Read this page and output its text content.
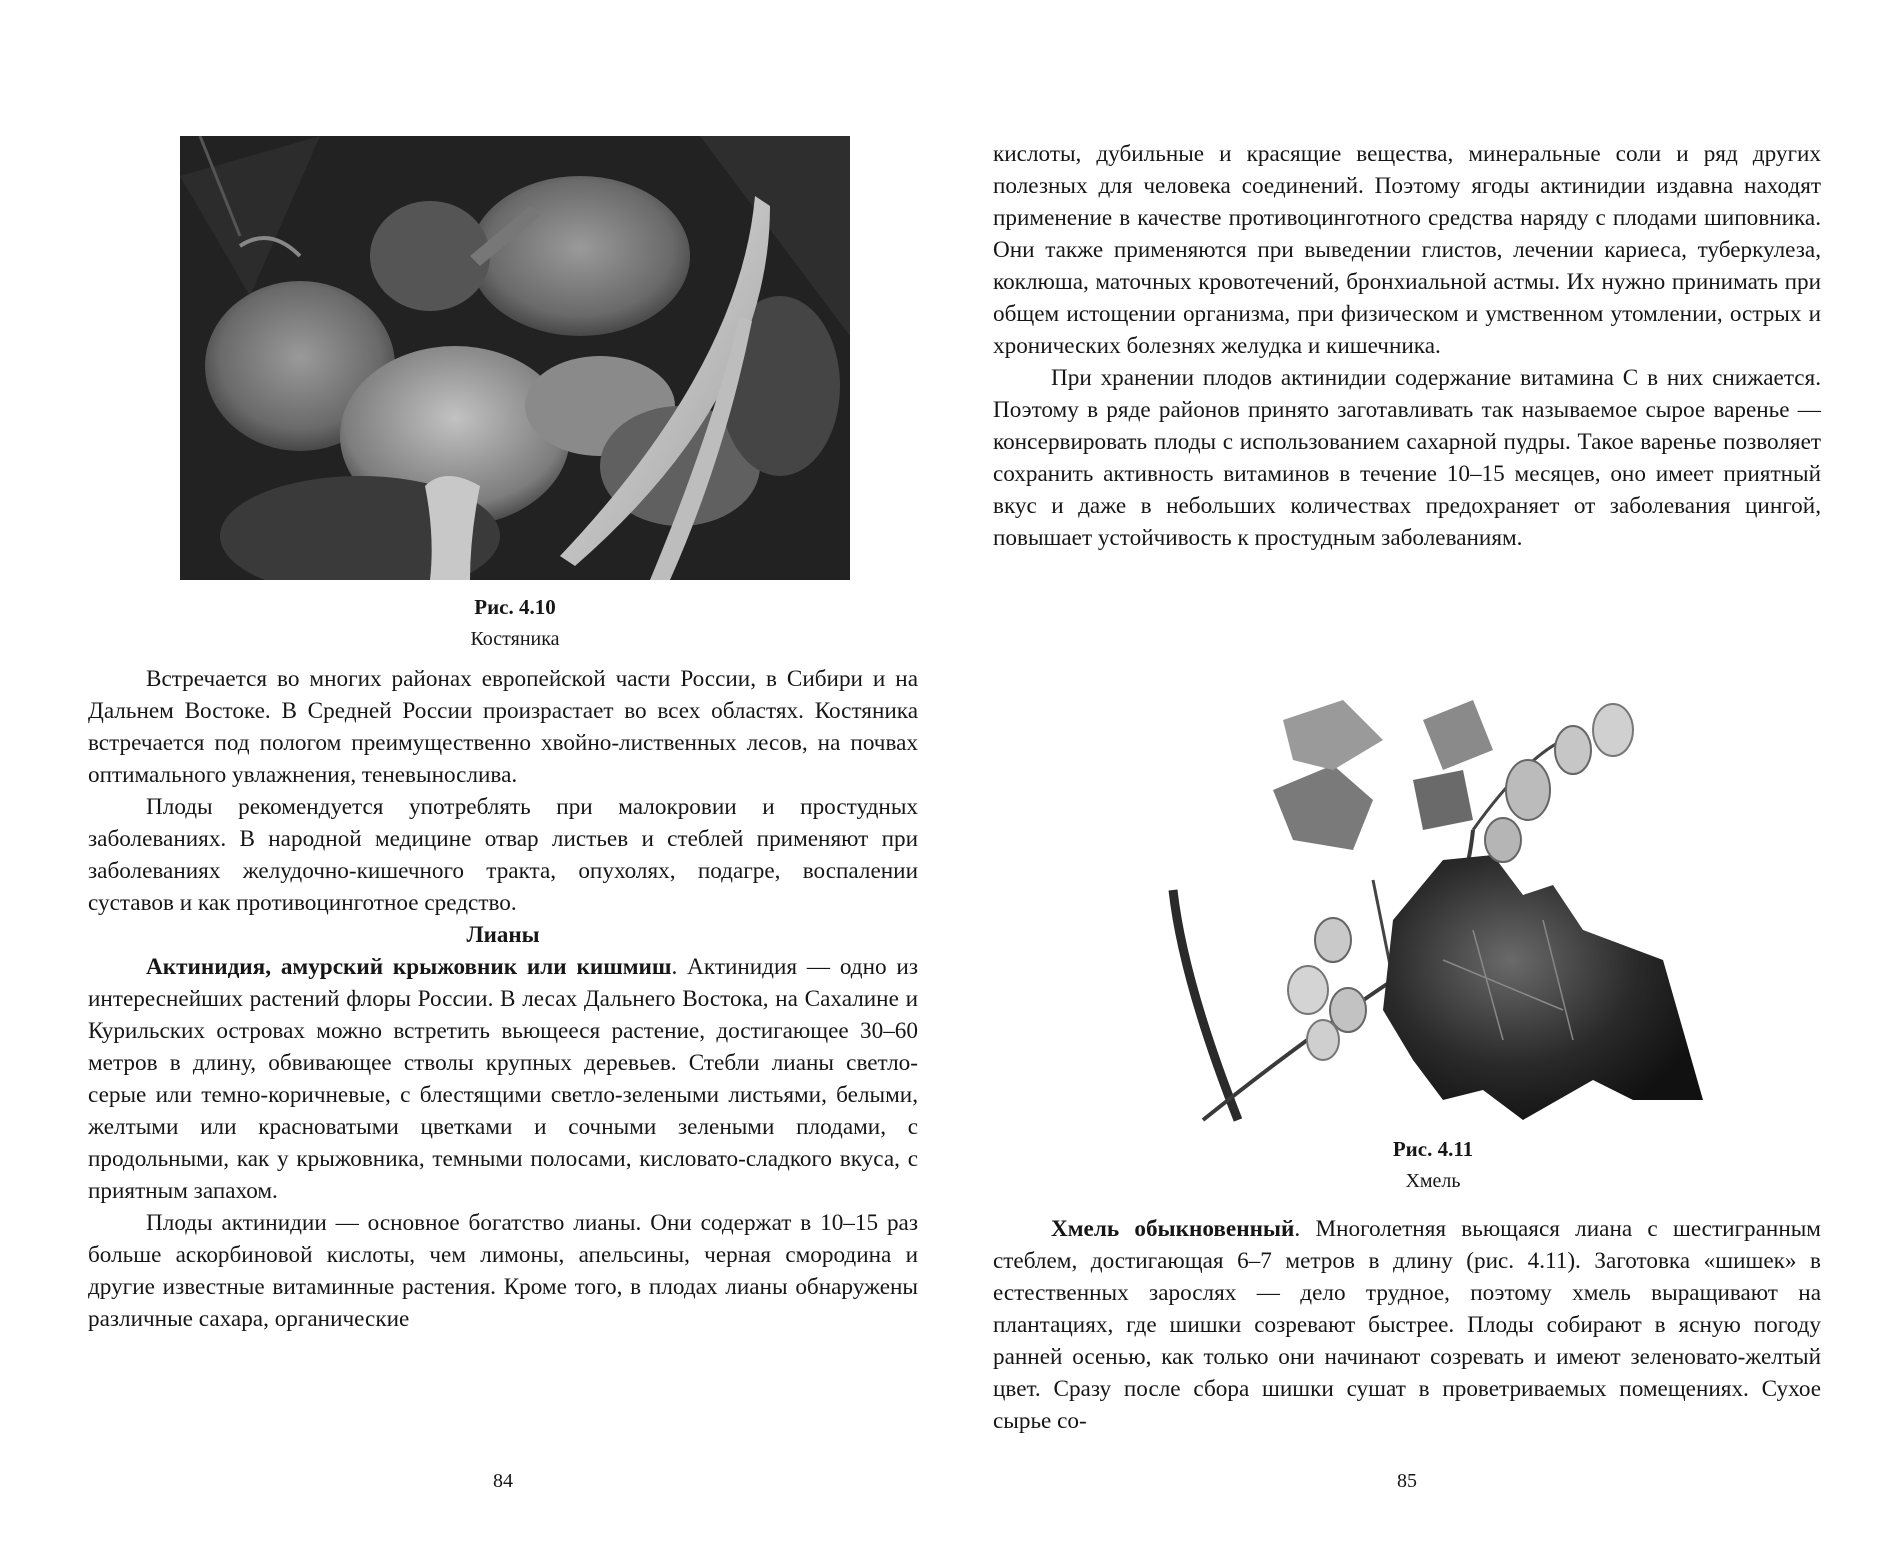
Рис. 4.10
Костяника

Встречается во многих районах европейской части России, в Сибири и на Дальнем Востоке. В Средней России произрастает во всех областях. Костяника встречается под пологом преимущественно хвойно-лиственных лесов, на почвах оптимального увлажнения, теневынослива.

Плоды рекомендуется употреблять при малокровии и простудных заболеваниях. В народной медицине отвар листьев и стеблей применяют при заболеваниях желудочно-кишечного тракта, опухолях, подагре, воспалении суставов и как противоцинготное средство.

Лианы

Актинидия, амурский крыжовник или кишмиш. Актинидия — одно из интереснейших растений флоры России. В лесах Дальнего Востока, на Сахалине и Курильских островах можно встретить вьющееся растение, достигающее 30–60 метров в длину, обвивающее стволы крупных деревьев. Стебли лианы светло-серые или темно-коричневые, с блестящими светло-зелеными листьями, белыми, желтыми или красноватыми цветками и сочными зелеными плодами, с продольными, как у крыжовника, темными полосами, кисловато-сладкого вкуса, с приятным запахом.

Плоды актинидии — основное богатство лианы. Они содержат в 10–15 раз больше аскорбиновой кислоты, чем лимоны, апельсины, черная смородина и другие известные витаминные растения. Кроме того, в плодах лианы обнаружены различные сахара, органические

84

кислоты, дубильные и красящие вещества, минеральные соли и ряд других полезных для человека соединений. Поэтому ягоды актинидии издавна находят применение в качестве противоцинготного средства наряду с плодами шиповника. Они также применяются при выведении глистов, лечении кариеса, туберкулеза, коклюша, маточных кровотечений, бронхиальной астмы. Их нужно принимать при общем истощении организма, при физическом и умственном утомлении, острых и хронических болезнях желудка и кишечника.

При хранении плодов актинидии содержание витамина С в них снижается. Поэтому в ряде районов принято заготавливать так называемое сырое варенье — консервировать плоды с использованием сахарной пудры. Такое варенье позволяет сохранить активность витаминов в течение 10–15 месяцев, оно имеет приятный вкус и даже в небольших количествах предохраняет от заболевания цингой, повышает устойчивость к простудным заболеваниям.

Рис. 4.11
Хмель

Хмель обыкновенный. Многолетняя вьющаяся лиана с шестигранным стеблем, достигающая 6–7 метров в длину (рис. 4.11). Заготовка «шишек» в естественных зарослях — дело трудное, поэтому хмель выращивают на плантациях, где шишки созревают быстрее. Плоды собирают в ясную погоду ранней осенью, как только они начинают созревать и имеют зеленовато-желтый цвет. Сразу после сбора шишки сушат в проветриваемых помещениях. Сухое сырье со-

85
